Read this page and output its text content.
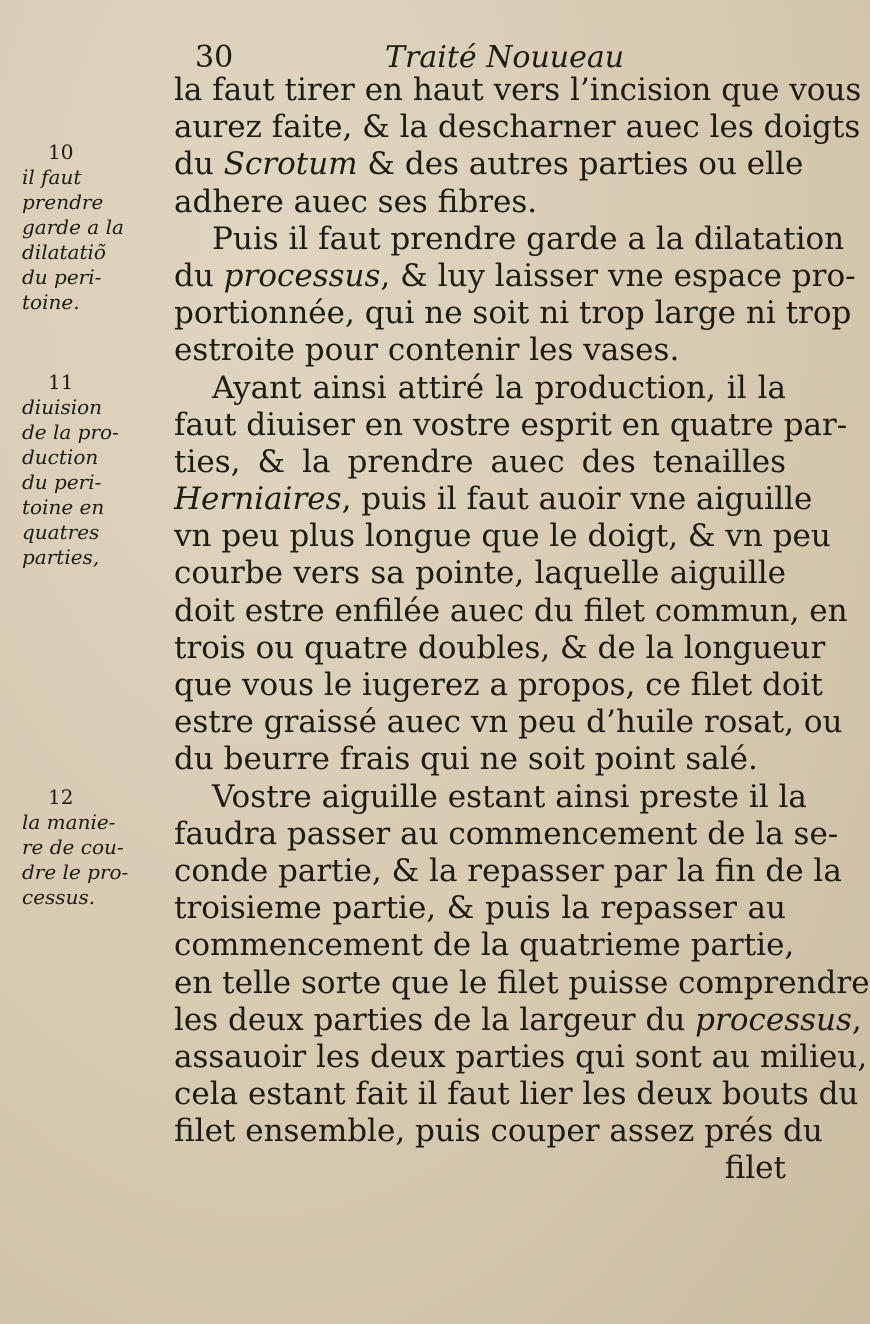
30	Traité Nouueau
10
il faut
prendre
garde a la
dilatatiõ
du peri-
toine.
11
diuision
de la pro-
duction
du peri-
toine en
quatres
parties,
12
la manie-
re de cou-
dre le pro-
cessus.
la faut tirer en haut vers l’incision que vous
aurez faite, & la descharner auec les doigts
du Scrotum & des autres parties ou elle
adhere auec ses fibres.
Puis il faut prendre garde a la dilatation
du processus, & luy laisser vne espace pro-
portionnée, qui ne soit ni trop large ni trop
estroite pour contenir les vases.
Ayant ainsi attiré la production, il la
faut diuiser en vostre esprit en quatre par-
ties, & la prendre auec des tenailles
Herniaires, puis il faut auoir vne aiguille
vn peu plus longue que le doigt, & vn peu
courbe vers sa pointe, laquelle aiguille
doit estre enfilée auec du filet commun, en
trois ou quatre doubles, & de la longueur
que vous le iugerez a propos, ce filet doit
estre graissé auec vn peu d’huile rosat, ou
du beurre frais qui ne soit point salé.
Vostre aiguille estant ainsi preste il la
faudra passer au commencement de la se-
conde partie, & la repasser par la fin de la
troisieme partie, & puis la repasser au
commencement de la quatrieme partie,
en telle sorte que le filet puisse comprendre
les deux parties de la largeur du processus,
assauoir les deux parties qui sont au milieu,
cela estant fait il faut lier les deux bouts du
filet ensemble, puis couper assez prés du
filet
